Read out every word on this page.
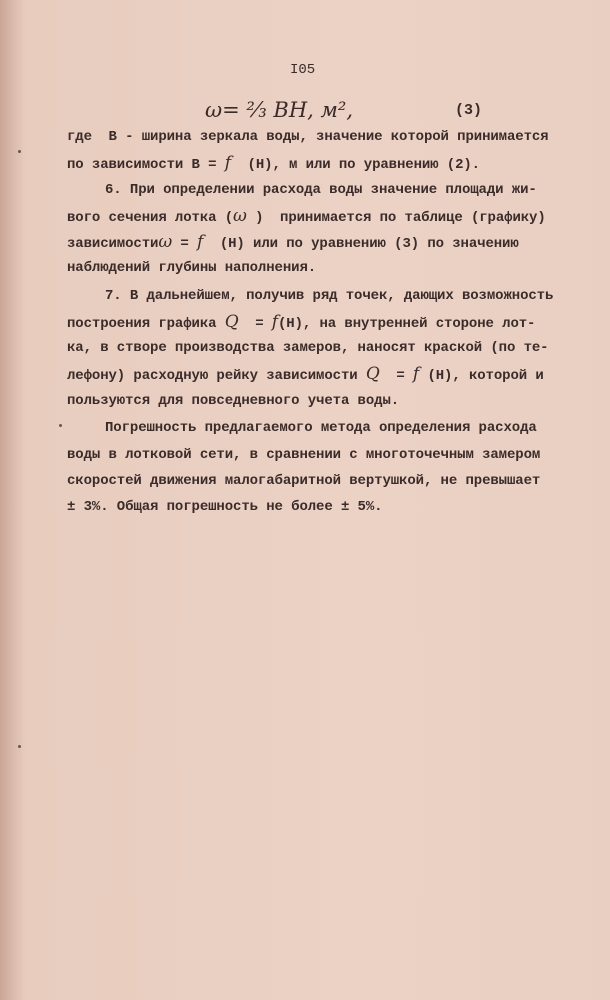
I05
ω= ²⁄₃ BH, м²,	(3)
где  В - ширина зеркала воды, значение которой принимается
по зависимости В = f (Н), м или по уравнению (2).
6. При определении расхода воды значение площади жи-
вого сечения лотка (ω )  принимается по таблице (графику)
зависимостиω = f (Н) или по уравнению (3) по значению
наблюдений глубины наполнения.
7. В дальнейшем, получив ряд точек, дающих возможность
построения графика Q  = f(Н), на внутренней стороне лот-
ка, в створе производства замеров, наносят краской (по те-
лефону) расходную рейку зависимости Q  = f (Н), которой и
пользуются для повседневного учета воды.
Погрешность предлагаемого метода определения расхода
воды в лотковой сети, в сравнении с многоточечным замером
скоростей движения малогабаритной вертушкой, не превышает
± 3%. Общая погрешность не более ± 5%.
